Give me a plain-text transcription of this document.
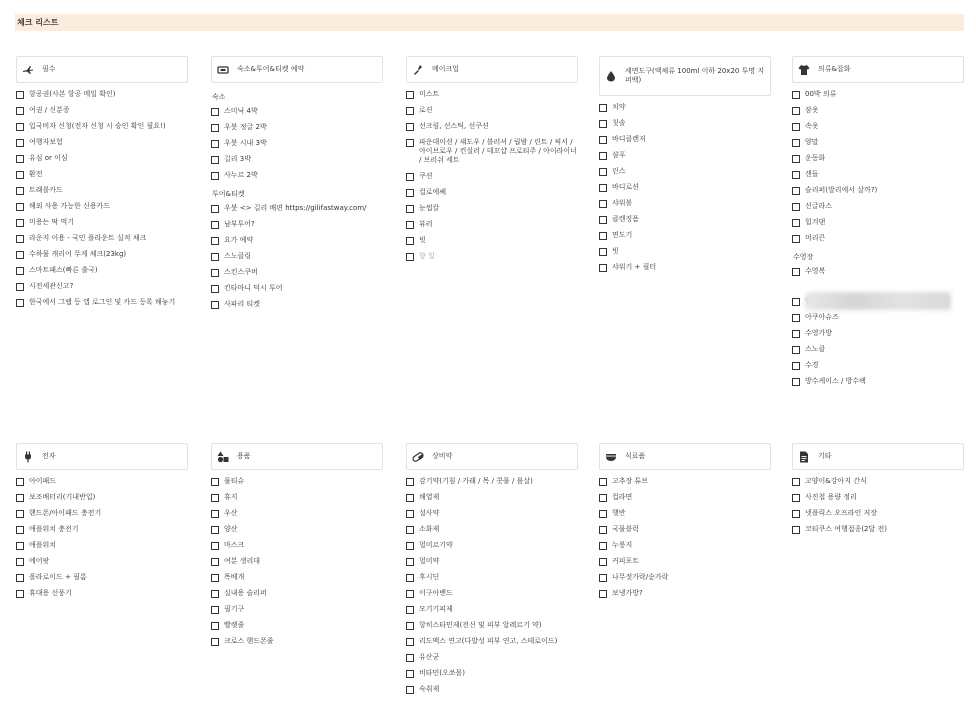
체크 리스트
필수
항공권(사본 항공 메일 확인)
여권 / 신분증
입국비자 신청(전자 신청 시 승인 확인 필요!)
여행자보험
유심 or 이심
환전
트래블카드
해외 사용 가능한 신용카드
미용는 딱 먹기
라운지 이용 - 국민 플라운트 실적 체크
수하물 캐리어 무게 체크(23kg)
스마트패스(빠른 출국)
시전세관신고?
한국에서 그랩 등 앱 로그인 및 카드 등록 해놓기
숙소&투어&티켓 예약
숙소
스미닉 4박
우붓 정글 2박
우붓 시내 3박
길리 3박
사누르 2박
투어&티켓
우붓 <> 길리 배편 https://gilifastway.com/
남부투어?
요가 예약
스노클링
스킨스쿠버
킨타마니 덕시 투어
사파리 티켓
메이크업
미스트
로션
선크림, 선스틱, 선쿠션
파운데이션 / 섀도우 / 블러셔 / 립밤 / 린트 / 픽서 / 아이브로우 / 컨실러 / 데꼬샵 프로티주 / 아이라이너 / 브러쉬 세트
쿠션
컬로에쎄
눈썹칼
뷰러
빗
향 일
세면도구(액체류 100ml 이하 20x20 투명 지퍼백)
치약
칫솔
바디클렌저
샴푸
린스
바디로션
샤워볼
클렌징폼
면도기
빗
샤워기 + 필터
의류&잡화
00박 의류
잠옷
속옷
양말
운동화
샌들
슬리퍼(발리에서 살까?)
선글라스
힙겨댄
머리끈
수영장
수영복
아쿠아슈즈
수영가방
스노클
수경
방수케이스 / 방수팩
전자
아이패드
보조배터리(기내반입)
핸드폰/아이패드 충전기
애플워치 충전기
애플워치
에어팟
폴라로이드 + 필름
휴대용 선풍기
용품
물티슈
휴지
우산
양산
마스크
여분 생리대
목베개
실내용 슬리퍼
필기구
빨랫줄
크로스 핸드폰줄
상비약
감기약(기침 / 가래 / 목 / 콧물 / 몸살)
해열제
설사약
소화제
멀미르기약
멀미약
후시딘
이구아밴드
모기기피제
항히스타민제(전신 및 피부 알레르기 약)
리도맥스 연고(다발성 피부 연고, 스테로이드)
유산균
비타민(오쏘몰)
숙취제
식료품
고추장 튜브
컵라면
햇반
국물블럭
누룽지
커피포트
나무젓가락/숟가락
보냉가방?
기타
고양이&강아지 간식
사진첩 용량 정리
넷플릭스 오프라인 저장
코티쿠스 여행접종(2달 전)
